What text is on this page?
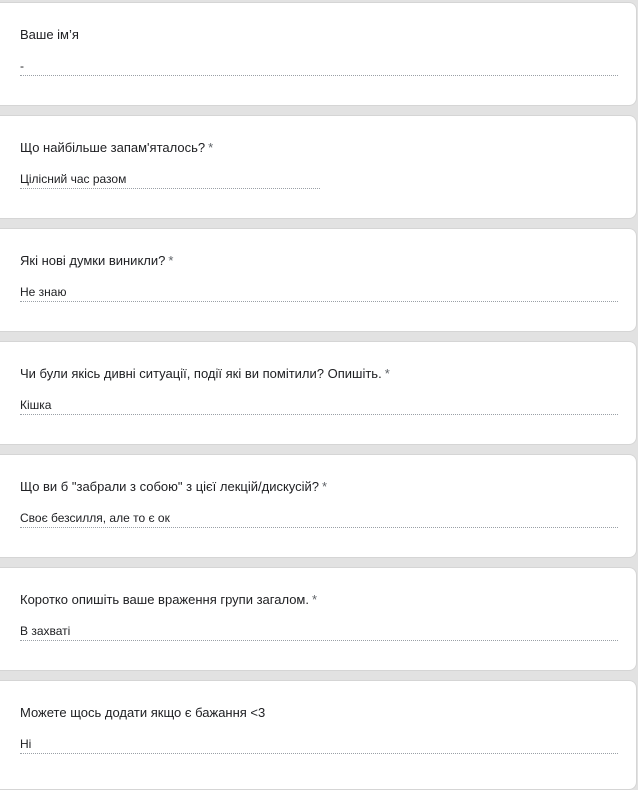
Ваше ім’я
-
Що найбільше запам'яталось? *
Цілісний час разом
Які нові думки виникли? *
Не знаю
Чи були якісь дивні ситуації, події які ви помітили? Опишіть. *
Кішка
Що ви б "забрали з собою" з цієї лекцій/дискусій? *
Своє безсилля, але то є ок
Коротко опишіть ваше враження групи загалом. *
В захваті
Можете щось додати якщо є бажання <3
Ні
